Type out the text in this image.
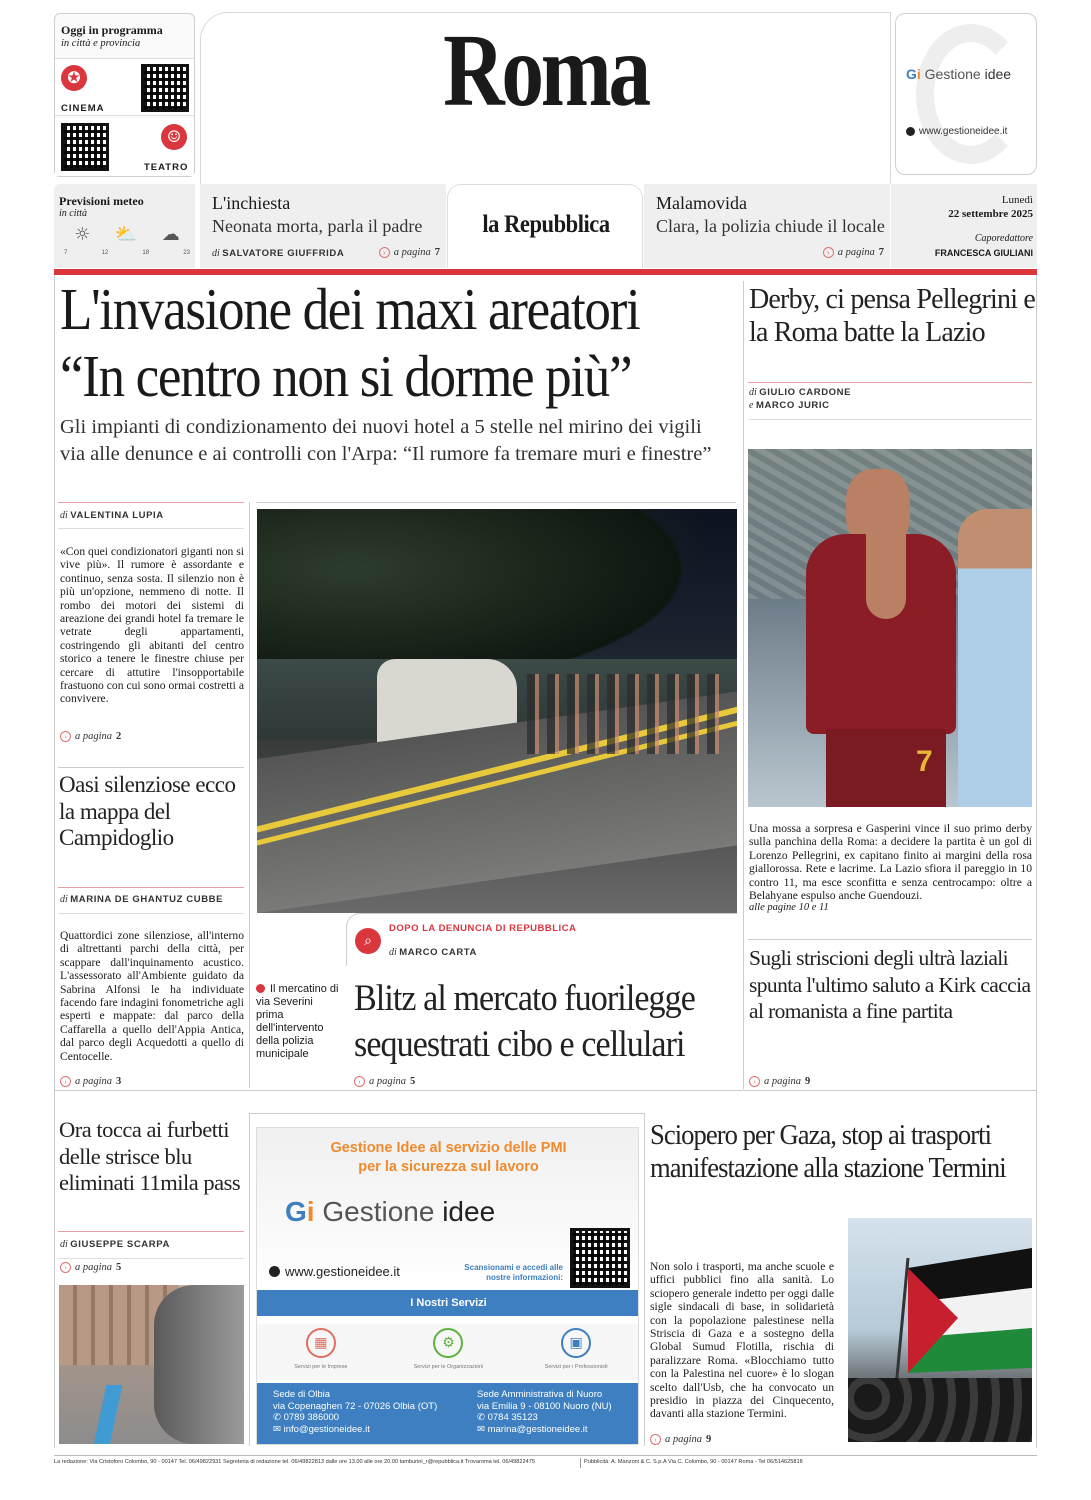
Oggi in programma
in città e provincia
✪
CINEMA
☺
TEATRO
Roma	Gi Gestione idee
www.gestioneidee.it
Previsioni meteo
in città
☼ ⛅ ☁
7	12	18	23
L'inchiesta
Neonata morta, parla il padre
di SALVATORE GIUFFRIDA	› a pagina 7
la Repubblica
Malamovida
Clara, la polizia chiude il locale
› a pagina 7
Lunedì
22 settembre 2025
Caporedattore
FRANCESCA GIULIANI
L'invasione dei maxi areatori
“In centro non si dorme più”
Gli impianti di condizionamento dei nuovi hotel a 5 stelle nel mirino dei vigili
via alle denunce e ai controlli con l'Arpa: “Il rumore fa tremare muri e finestre”
di VALENTINA LUPIA
«Con quei condizionatori giganti non si vive più». Il rumore è assordante e continuo, senza sosta. Il silenzio non è più un'opzione, nemmeno di notte. Il rombo dei motori dei sistemi di areazione dei grandi hotel fa tremare le vetrate degli appartamenti, costringendo gli abitanti del centro storico a tenere le finestre chiuse per cercare di attutire l'insopportabile frastuono con cui sono ormai costretti a convivere.
› a pagina 2
⌕
DOPO LA DENUNCIA DI REPUBBLICA
di MARCO CARTA
Il mercatino di via Severini prima dell'intervento della polizia municipale
Blitz al mercato fuorilegge
sequestrati cibo e cellulari
› a pagina 5
Oasi silenziose ecco la mappa del Campidoglio
di MARINA DE GHANTUZ CUBBE
Quattordici zone silenziose, all'interno di altrettanti parchi della città, per scappare dall'inquinamento acustico. L'assessorato all'Ambiente guidato da Sabrina Alfonsi le ha individuate facendo fare indagini fonometriche agli esperti e mappate: dal parco della Caffarella a quello dell'Appia Antica, dal parco degli Acquedotti a quello di Centocelle.
› a pagina 3
Derby, ci pensa Pellegrini e la Roma batte la Lazio
di GIULIO CARDONE
e MARCO JURIC
7
Una mossa a sorpresa e Gasperini vince il suo primo derby sulla panchina della Roma: a decidere la partita è un gol di Lorenzo Pellegrini, ex capitano finito ai margini della rosa giallorossa. Rete e lacrime. La Lazio sfiora il pareggio in 10 contro 11, ma esce sconfitta e senza centrocampo: oltre a Belahyane espulso anche Guendouzi.
alle pagine 10 e 11
Sugli striscioni degli ultrà laziali spunta l'ultimo saluto a Kirk caccia al romanista a fine partita
› a pagina 9
Ora tocca ai furbetti delle strisce blu eliminati 11mila pass
di GIUSEPPE SCARPA
› a pagina 5
Gestione Idee al servizio delle PMI
per la sicurezza sul lavoro
Gi Gestione idee
www.gestioneidee.it	Scansionami e accedi alle nostre informazioni:
I Nostri Servizi
▦
Servizi per le Imprese
⚙
Servizi per le Organizzazioni
▣
Servizi per i Professionisti
Sede di Olbia
via Copenaghen 72 - 07026 Olbia (OT)
✆ 0789 386000
✉ info@gestioneidee.it
Sede Amministrativa di Nuoro
via Emilia 9 - 08100 Nuoro (NU)
✆ 0784 35123
✉ marina@gestioneidee.it
Sciopero per Gaza, stop ai trasporti manifestazione alla stazione Termini
Non solo i trasporti, ma anche scuole e uffici pubblici fino alla sanità. Lo sciopero generale indetto per oggi dalle sigle sindacali di base, in solidarietà con la popolazione palestinese nella Striscia di Gaza e a sostegno della Global Sumud Flotilla, rischia di paralizzare Roma. «Blocchiamo tutto con la Palestina nel cuore» è lo slogan scelto dall'Usb, che ha convocato un presidio in piazza dei Cinquecento, davanti alla stazione Termini.
› a pagina 9
La redazione: Via Cristoforo Colombo, 90 - 00147 Tel. 06/49822931 Segreteria di redazione tel. 06/49822813 dalle ore 13.00 alle ore 20.00 tamburini_r@repubblica.it Trovaroma tel. 06/49822475	Pubblicità: A. Manzoni & C. S.p.A Via C. Colombo, 90 - 00147 Roma - Tel 06/514625818
